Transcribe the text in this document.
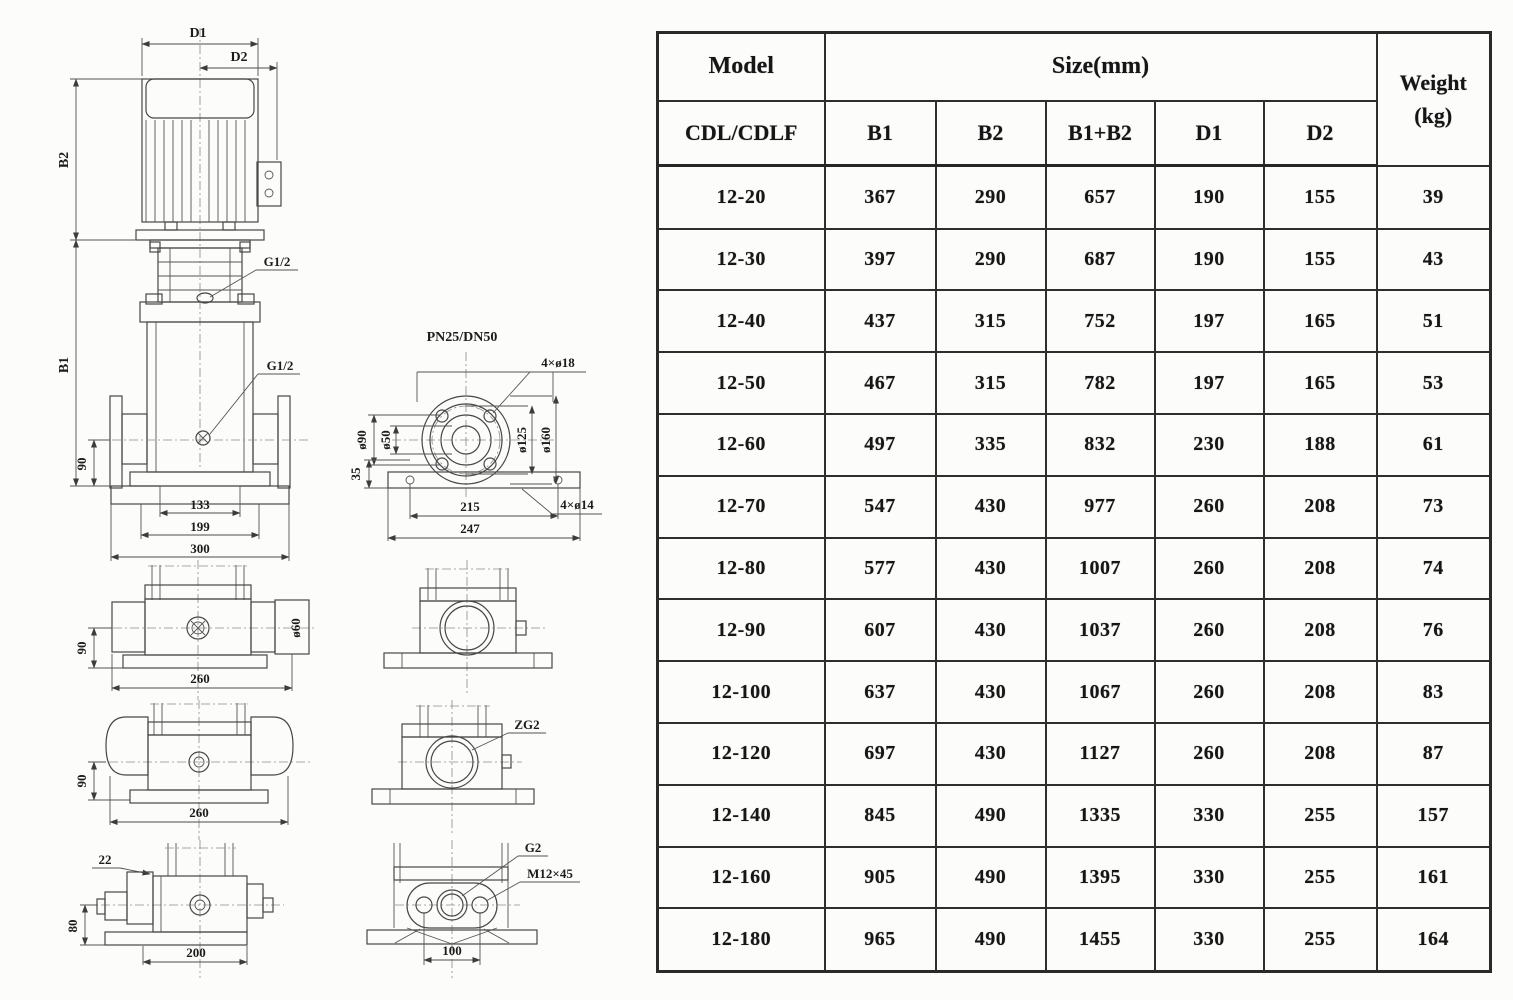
D1
D2
B2
B1
G1/2
G1/2
90
133
199
300
PN25/DN50
4×ø18
ø90 ø50	ø125 ø160
35
4×ø14
215
247
ø60
90
260
90
260
ZG2
22
80
200
G2
M12×45
100
Model	Size(mm)					Weight
(kg)

CDL/CDLF	B1	B2	B1+B2	D1	D2	
12-20	367	290	657	190	155	39
12-30	397	290	687	190	155	43
12-40	437	315	752	197	165	51
12-50	467	315	782	197	165	53
12-60	497	335	832	230	188	61
12-70	547	430	977	260	208	73
12-80	577	430	1007	260	208	74
12-90	607	430	1037	260	208	76
12-100	637	430	1067	260	208	83
12-120	697	430	1127	260	208	87
12-140	845	490	1335	330	255	157
12-160	905	490	1395	330	255	161
12-180	965	490	1455	330	255	164
